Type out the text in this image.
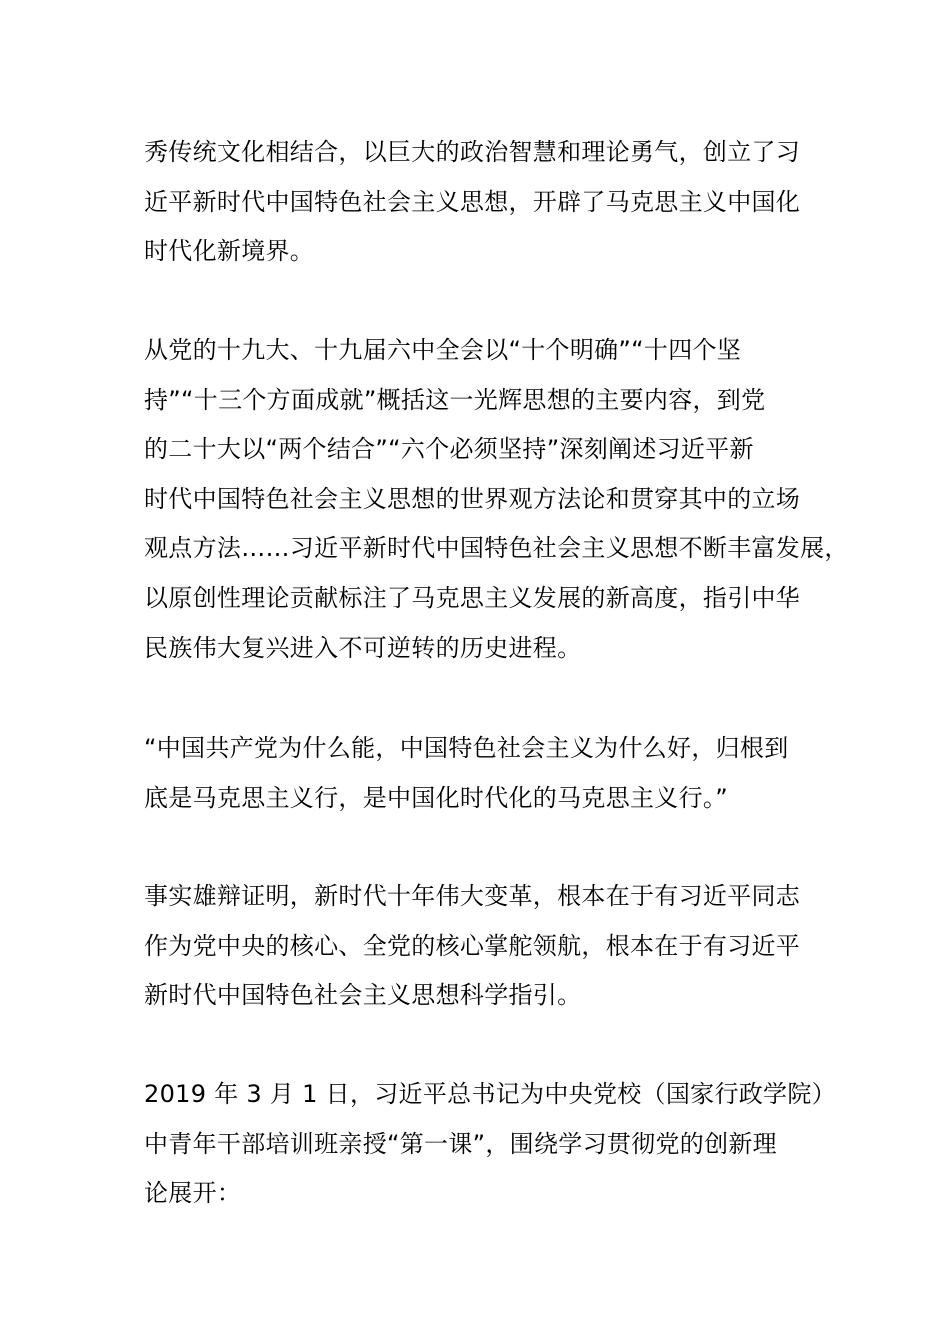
秀传统文化相结合，以巨大的政治智慧和理论勇气，创立了习
近平新时代中国特色社会主义思想，开辟了马克思主义中国化
时代化新境界。

从党的十九大、十九届六中全会以“十个明确”“十四个坚
持”“十三个方面成就”概括这一光辉思想的主要内容，到党
的二十大以“两个结合”“六个必须坚持”深刻阐述习近平新
时代中国特色社会主义思想的世界观方法论和贯穿其中的立场
观点方法……习近平新时代中国特色社会主义思想不断丰富发展，
以原创性理论贡献标注了马克思主义发展的新高度，指引中华
民族伟大复兴进入不可逆转的历史进程。

“中国共产党为什么能，中国特色社会主义为什么好，归根到
底是马克思主义行，是中国化时代化的马克思主义行。”

事实雄辩证明，新时代十年伟大变革，根本在于有习近平同志
作为党中央的核心、全党的核心掌舵领航，根本在于有习近平
新时代中国特色社会主义思想科学指引。

2019 年 3 月 1 日，习近平总书记为中央党校（国家行政学院）
中青年干部培训班亲授“第一课”，围绕学习贯彻党的创新理
论展开：
